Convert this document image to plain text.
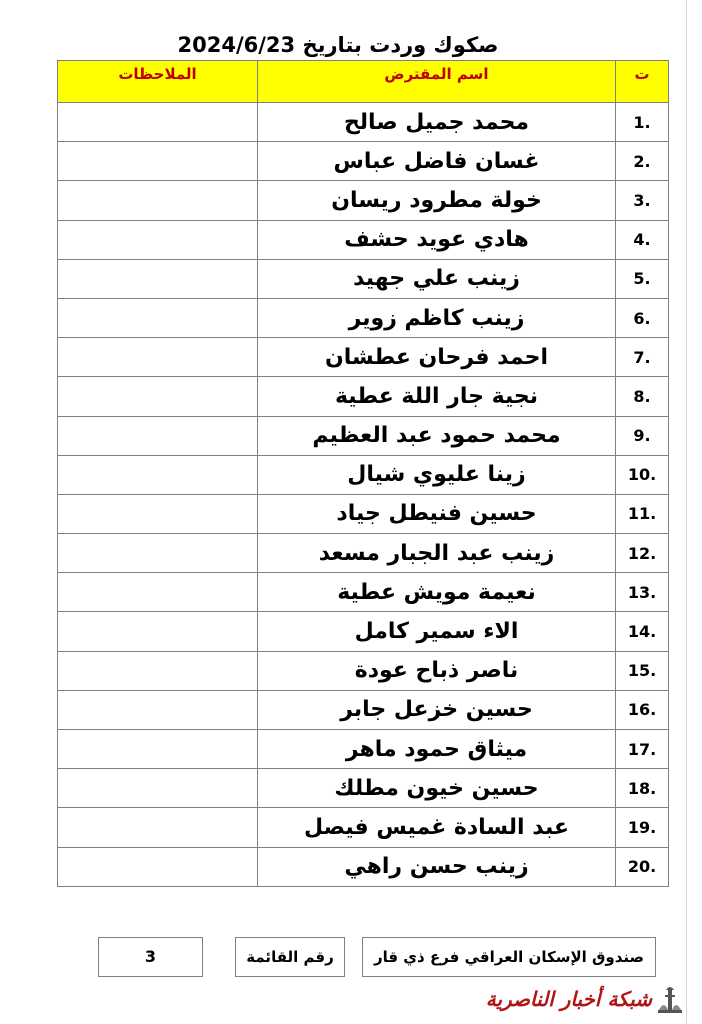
صكوك وردت بتاريخ 2024/6/23
ت	اسم المقترض	الملاحظات
1.	محمد جميل صالح	
2.	غسان فاضل عباس	
3.	خولة مطرود ريسان	
4.	هادي عويد حشف	
5.	زينب علي جهيد	
6.	زينب كاظم زوير	
7.	احمد فرحان عطشان	
8.	نجية جار اللة عطية	
9.	محمد حمود عبد العظيم	
10.	زينا عليوي شيال	
11.	حسين فنيطل جياد	
12.	زينب عبد الجبار مسعد	
13.	نعيمة مويش عطية	
14.	الاء سمير كامل	
15.	ناصر ذباح عودة	
16.	حسين خزعل جابر	
17.	ميثاق حمود ماهر	
18.	حسين خيون مطلك	
19.	عبد السادة غميس فيصل	
20.	زينب حسن راهي	
صندوق الإسكان العراقي فرع ذي قار
رقم القائمة
3
شبكة أخبار الناصرية
